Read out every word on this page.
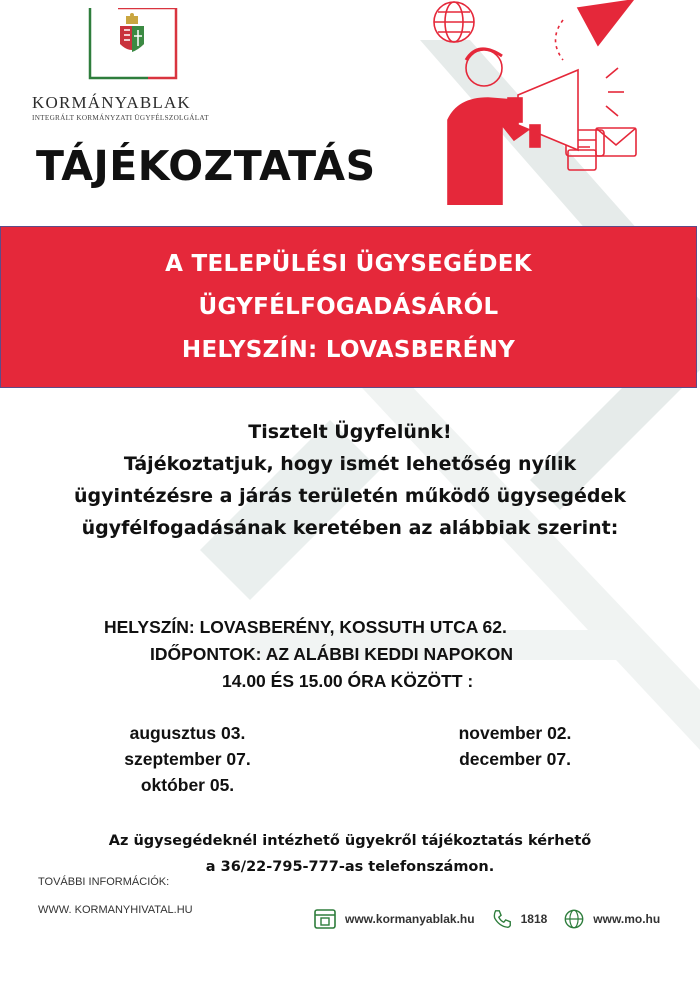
KORMÁNYABLAK
INTEGRÁLT KORMÁNYZATI ÜGYFÉLSZOLGÁLAT
TÁJÉKOZTATÁS
A TELEPÜLÉSI ÜGYSEGÉDEK
ÜGYFÉLFOGADÁSÁRÓL
HELYSZÍN: LOVASBERÉNY
Tisztelt Ügyfelünk!
Tájékoztatjuk, hogy ismét lehetőség nyílik
ügyintézésre a járás területén működő ügysegédek
ügyfélfogadásának keretében az alábbiak szerint:
HELYSZÍN: LOVASBERÉNY, KOSSUTH UTCA 62.
IDŐPONTOK: AZ ALÁBBI KEDDI NAPOKON
14.00 ÉS 15.00 ÓRA KÖZÖTT :
augusztus 03.
szeptember 07.
október 05.
november 02.
december 07.
Az ügysegédeknél intézhető ügyekről tájékoztatás kérhető
a 36/22-795-777-as telefonszámon.
TOVÁBBI INFORMÁCIÓK:
WWW. KORMANYHIVATAL.HU
www.kormanyablak.hu	1818	www.mo.hu
